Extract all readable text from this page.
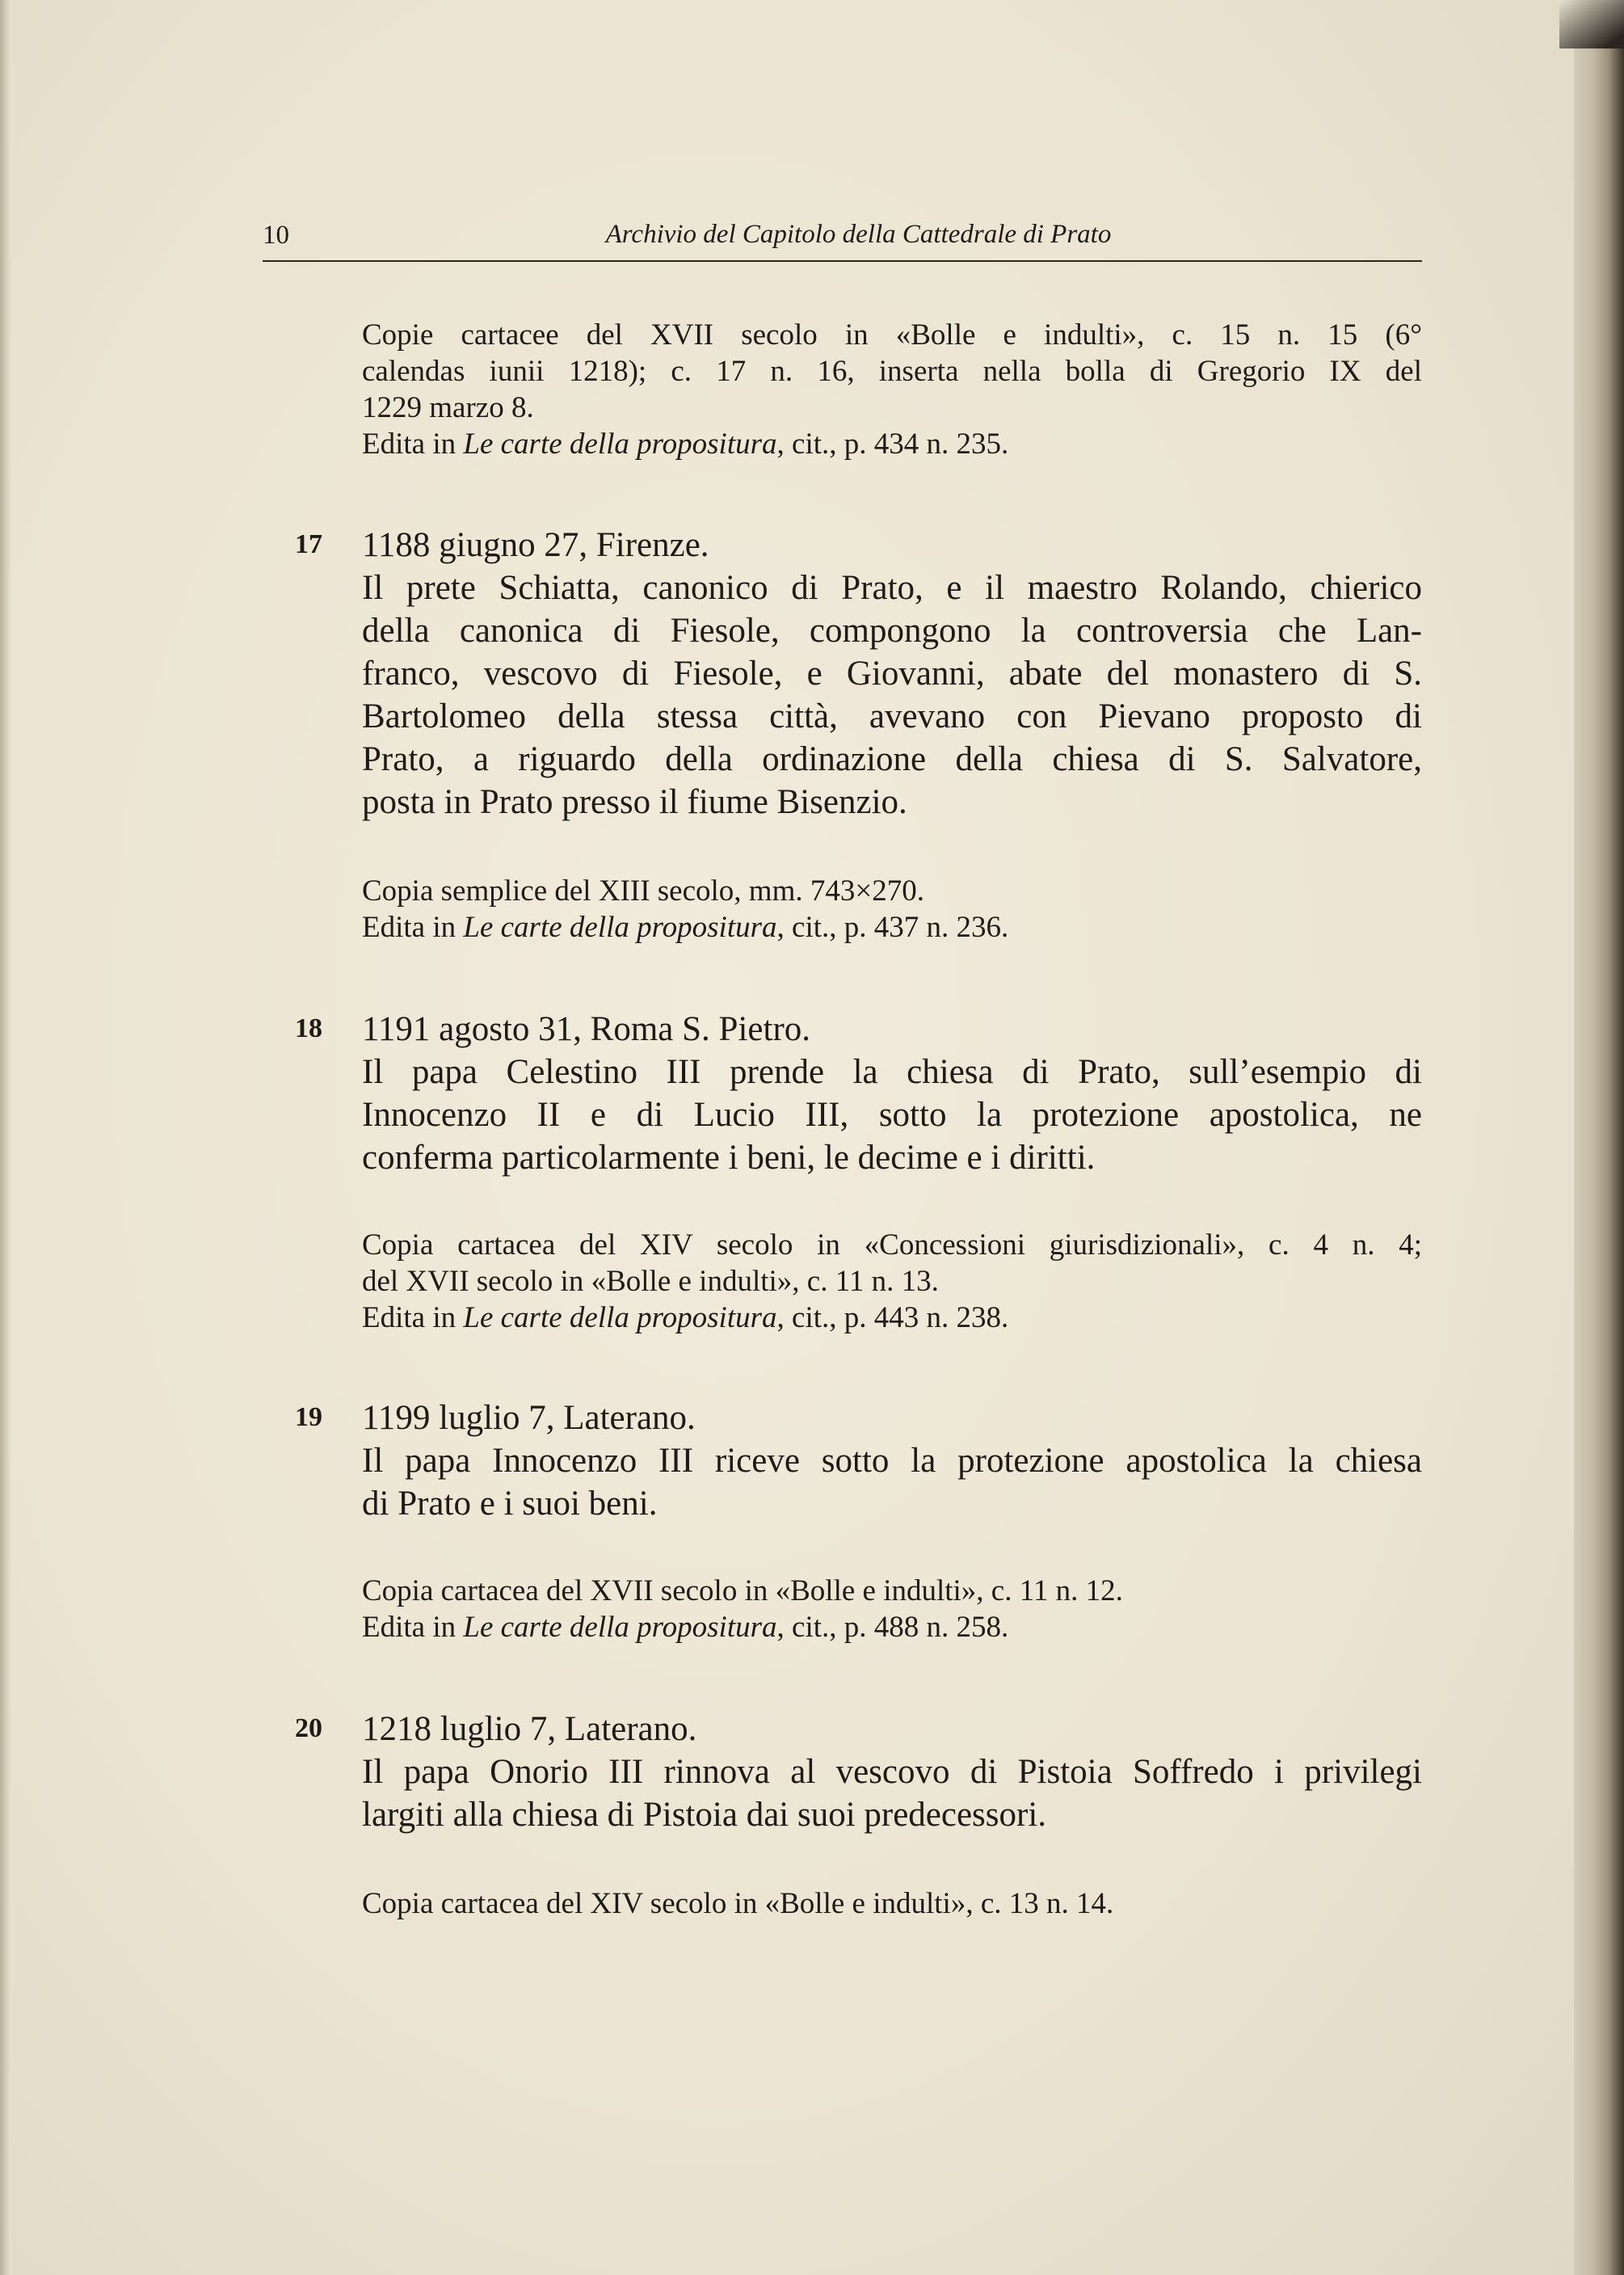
10	Archivio del Capitolo della Cattedrale di Prato
Copie cartacee del XVII secolo in «Bolle e indulti», c. 15 n. 15 (6°
calendas iunii 1218); c. 17 n. 16, inserta nella bolla di Gregorio IX del
1229 marzo 8.
Edita in Le carte della propositura, cit., p. 434 n. 235.
17 1188 giugno 27, Firenze.
Il prete Schiatta, canonico di Prato, e il maestro Rolando, chierico
della canonica di Fiesole, compongono la controversia che Lan-
franco, vescovo di Fiesole, e Giovanni, abate del monastero di S.
Bartolomeo della stessa città, avevano con Pievano proposto di
Prato, a riguardo della ordinazione della chiesa di S. Salvatore,
posta in Prato presso il fiume Bisenzio.
Copia semplice del XIII secolo, mm. 743×270.
Edita in Le carte della propositura, cit., p. 437 n. 236.
18 1191 agosto 31, Roma S. Pietro.
Il papa Celestino III prende la chiesa di Prato, sull’esempio di
Innocenzo II e di Lucio III, sotto la protezione apostolica, ne
conferma particolarmente i beni, le decime e i diritti.
Copia cartacea del XIV secolo in «Concessioni giurisdizionali», c. 4 n. 4;
del XVII secolo in «Bolle e indulti», c. 11 n. 13.
Edita in Le carte della propositura, cit., p. 443 n. 238.
19 1199 luglio 7, Laterano.
Il papa Innocenzo III riceve sotto la protezione apostolica la chiesa
di Prato e i suoi beni.
Copia cartacea del XVII secolo in «Bolle e indulti», c. 11 n. 12.
Edita in Le carte della propositura, cit., p. 488 n. 258.
20 1218 luglio 7, Laterano.
Il papa Onorio III rinnova al vescovo di Pistoia Soffredo i privilegi
largiti alla chiesa di Pistoia dai suoi predecessori.
Copia cartacea del XIV secolo in «Bolle e indulti», c. 13 n. 14.
